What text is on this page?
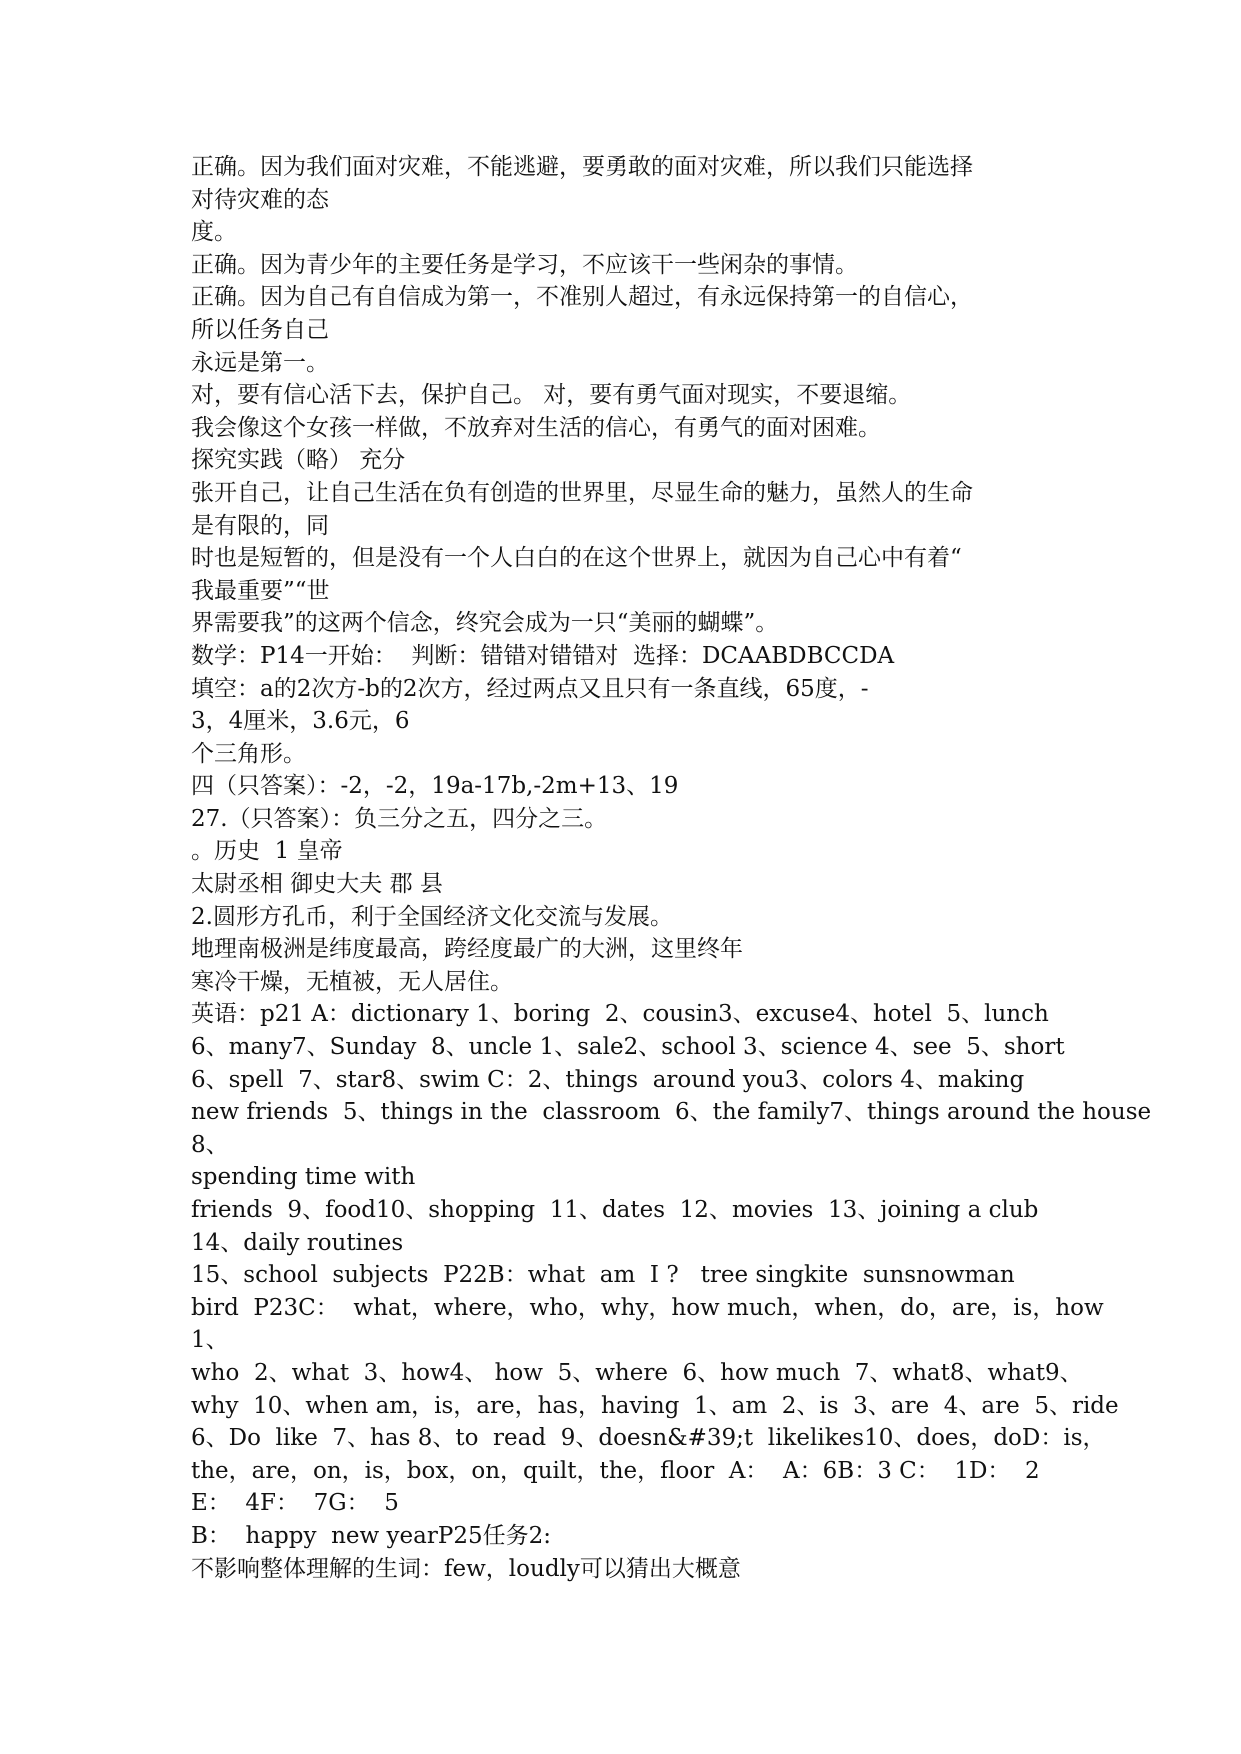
正确。因为我们面对灾难，不能逃避，要勇敢的面对灾难，所以我们只能选择
对待灾难的态
度。
正确。因为青少年的主要任务是学习，不应该干一些闲杂的事情。
正确。因为自己有自信成为第一，不准别人超过，有永远保持第一的自信心，
所以任务自己
永远是第一。
对，要有信心活下去，保护自己。 对，要有勇气面对现实，不要退缩。
我会像这个女孩一样做，不放弃对生活的信心，有勇气的面对困难。
探究实践（略） 充分
张开自己，让自己生活在负有创造的世界里，尽显生命的魅力，虽然人的生命
是有限的，同
时也是短暂的，但是没有一个人白白的在这个世界上，就因为自己心中有着“
我最重要”“世
界需要我”的这两个信念，终究会成为一只“美丽的蝴蝶”。
数学：P14一开始：  判断：错错对错错对  选择：DCAABDBCCDA
填空：a的2次方-b的2次方，经过两点又且只有一条直线，65度，-
3，4厘米，3.6元，6
个三角形。
四（只答案）：-2，-2，19a-17b,-2m+13、19
27.（只答案）：负三分之五，四分之三。
。历史  1 皇帝
太尉丞相 御史大夫 郡 县
2.圆形方孔币，利于全国经济文化交流与发展。
地理南极洲是纬度最高，跨经度最广的大洲，这里终年
寒冷干燥，无植被，无人居住。
英语：p21 A：dictionary 1、boring  2、cousin3、excuse4、hotel  5、lunch
6、many7、Sunday  8、uncle 1、sale2、school 3、science 4、see  5、short
6、spell  7、star8、swim C：2、things  around you3、colors 4、making
new friends  5、things in the  classroom  6、the family7、things around the house
8、
spending time with
friends  9、food10、shopping  11、dates  12、movies  13、joining a club
14、daily routines
15、school  subjects  P22B：what  am  I ?   tree singkite  sunsnowman
bird  P23C：  what，where，who，why，how much，when，do，are，is，how
1、
who  2、what  3、how4、 how  5、where  6、how much  7、what8、what9、
why  10、when am，is，are，has，having  1、am  2、is  3、are  4、are  5、ride
6、Do  like  7、has 8、to  read  9、doesn&#39;t  likelikes10、does，doD：is，
the，are，on，is，box，on，quilt，the，floor  A：  A：6B：3 C：  1D：  2
E：  4F：  7G：  5
B：  happy  new yearP25任务2:
不影响整体理解的生词：few，loudly可以猜出大概意
